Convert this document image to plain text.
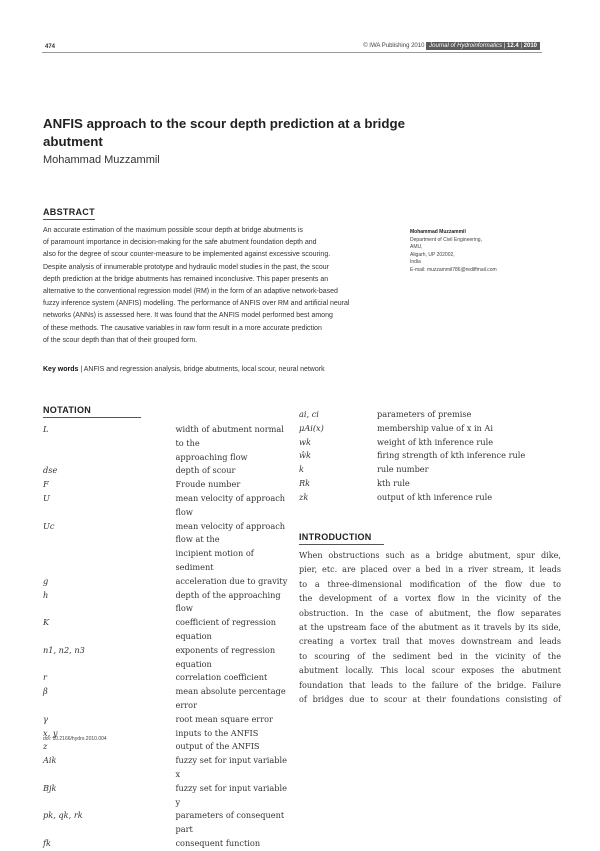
474	© IWA Publishing 2010 Journal of Hydroinformatics | 12.4 | 2010
ANFIS approach to the scour depth prediction at a bridge
abutment
Mohammad Muzzammil
ABSTRACT
An accurate estimation of the maximum possible scour depth at bridge abutments is
of paramount importance in decision-making for the safe abutment foundation depth and
also for the degree of scour counter-measure to be implemented against excessive scouring.
Despite analysis of innumerable prototype and hydraulic model studies in the past, the scour
depth prediction at the bridge abutments has remained inconclusive. This paper presents an
alternative to the conventional regression model (RM) in the form of an adaptive network-based
fuzzy inference system (ANFIS) modelling. The performance of ANFIS over RM and artificial neural
networks (ANNs) is assessed here. It was found that the ANFIS model performed best among
of these methods. The causative variables in raw form result in a more accurate prediction
of the scour depth than that of their grouped form.
Key words | ANFIS and regression analysis, bridge abutments, local scour, neural network
Mohammad Muzzammil
Department of Civil Engineering,
AMU,
Aligarh, UP 202002,
India
E-mail: muzzammil786@rediffmail.com
NOTATION
L	width of abutment normal to the
approaching flow
dse	depth of scour
F	Froude number
U	mean velocity of approach flow
Uc	mean velocity of approach flow at the
incipient motion of sediment
g	acceleration due to gravity
h	depth of the approaching flow
K	coefficient of regression equation
n1, n2, n3	exponents of regression equation
r	correlation coefficient
β	mean absolute percentage error
γ	root mean square error
x, y	inputs to the ANFIS
z	output of the ANFIS
Aik	fuzzy set for input variable x
Bjk	fuzzy set for input variable y
pk, qk, rk	parameters of consequent part
fk	consequent function
ai, ci	parameters of premise
μAi(x)	membership value of x in Ai
wk	weight of kth inference rule
ŵk	firing strength of kth inference rule
k	rule number
Rk	kth rule
zk	output of kth inference rule
INTRODUCTION
When obstructions such as a bridge abutment, spur dike,
pier, etc. are placed over a bed in a river stream, it leads
to a three-dimensional modification of the flow due to
the development of a vortex flow in the vicinity of the
obstruction. In the case of abutment, the flow separates
at the upstream face of the abutment as it travels by its side,
creating a vortex trail that moves downstream and leads
to scouring of the sediment bed in the vicinity of the
abutment locally. This local scour exposes the abutment
foundation that leads to the failure of the bridge. Failure
of bridges due to scour at their foundations consisting of
doi: 10.2166/hydro.2010.004
